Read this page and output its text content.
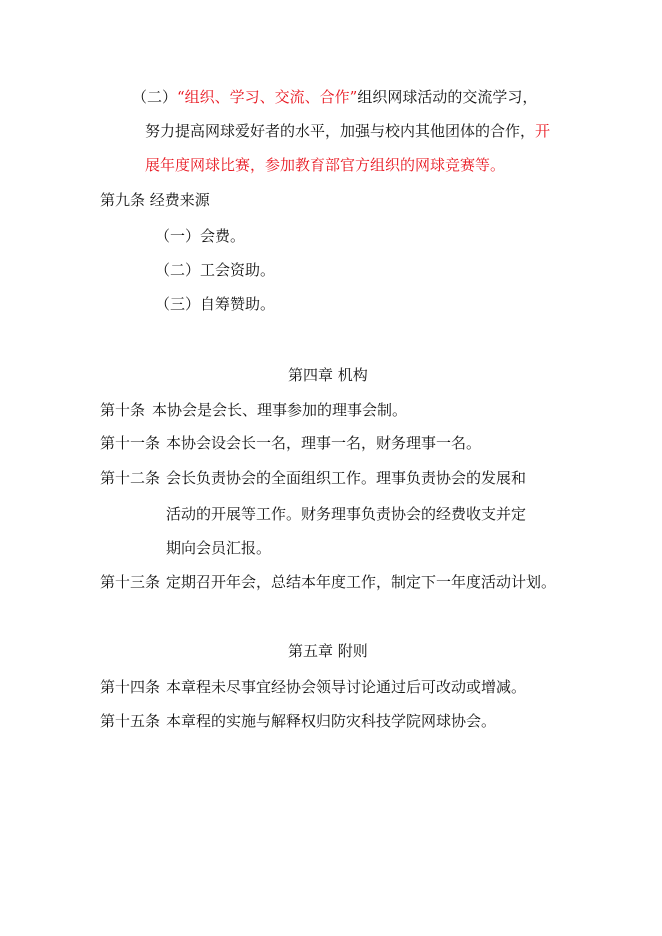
（二）“组织、学习、交流、合作”组织网球活动的交流学习，
努力提高网球爱好者的水平，加强与校内其他团体的合作，开
展年度网球比赛，参加教育部官方组织的网球竞赛等。
第九条 经费来源
（一）会费。
（二）工会资助。
（三）自筹赞助。
第四章 机构
第十条 本协会是会长、理事参加的理事会制。
第十一条 本协会设会长一名，理事一名，财务理事一名。
第十二条 会长负责协会的全面组织工作。理事负责协会的发展和
活动的开展等工作。财务理事负责协会的经费收支并定
期向会员汇报。
第十三条 定期召开年会，总结本年度工作，制定下一年度活动计划。
第五章 附则
第十四条 本章程未尽事宜经协会领导讨论通过后可改动或增减。
第十五条 本章程的实施与解释权归防灾科技学院网球协会。
